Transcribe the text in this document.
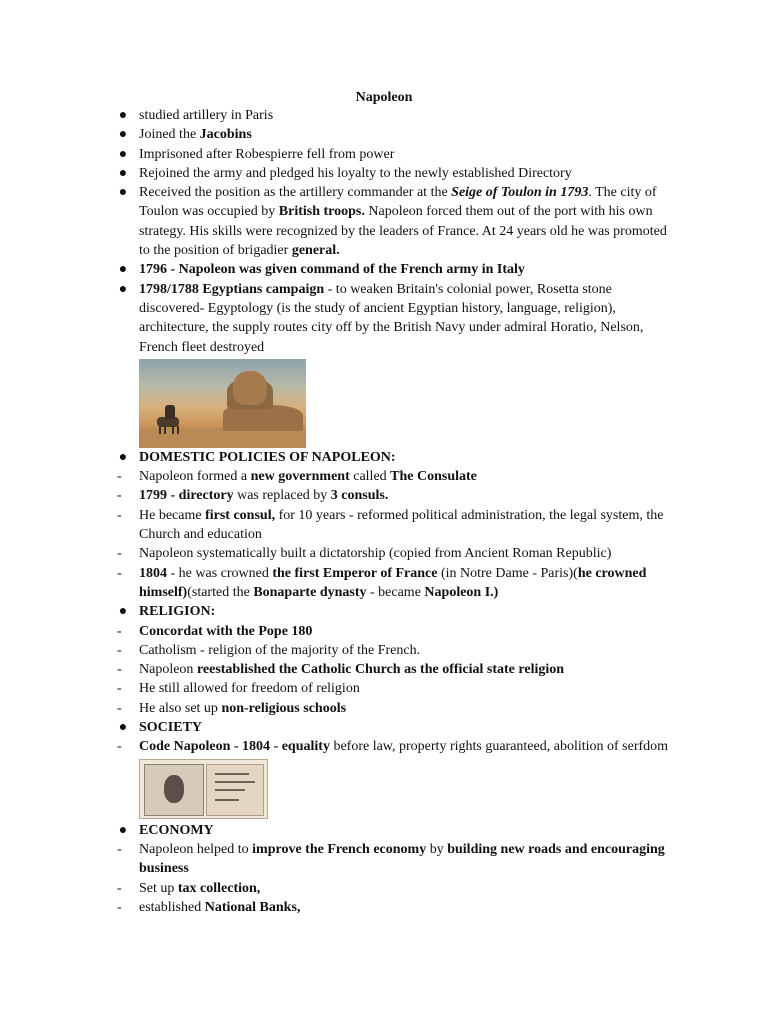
Napoleon
● studied artillery in Paris
● Joined the Jacobins
● Imprisoned after Robespierre fell from power
● Rejoined the army and pledged his loyalty to the newly established Directory
● Received the position as the artillery commander at the Seige of Toulon in 1793. The city of Toulon was occupied by British troops. Napoleon forced them out of the port with his own strategy. His skills were recognized by the leaders of France. At 24 years old he was promoted to the position of brigadier general.
● 1796 - Napoleon was given command of the French army in Italy
● 1798/1788 Egyptians campaign - to weaken Britain's colonial power, Rosetta stone discovered- Egyptology (is the study of ancient Egyptian history, language, religion), architecture, the supply routes city off by the British Navy under admiral Horatio, Nelson, French fleet destroyed
● DOMESTIC POLICIES OF NAPOLEON:
-	Napoleon formed a new government called The Consulate
-	1799 - directory was replaced by 3 consuls.
-	He became first consul, for 10 years - reformed political administration, the legal system, the Church and education
-	Napoleon systematically built a dictatorship (copied from Ancient Roman Republic)
-	1804 - he was crowned the first Emperor of France (in Notre Dame - Paris)(he crowned himself)(started the Bonaparte dynasty - became Napoleon I.)
● RELIGION:
-	Concordat with the Pope 180
-	Catholism - religion of the majority of the French.
-	Napoleon reestablished the Catholic Church as the official state religion
-	He still allowed for freedom of religion
-	He also set up non-religious schools
● SOCIETY
-	Code Napoleon - 1804 - equality before law, property rights guaranteed, abolition of serfdom
● ECONOMY
-	Napoleon helped to improve the French economy by building new roads and encouraging business
-	Set up tax collection,
-	established National Banks,
